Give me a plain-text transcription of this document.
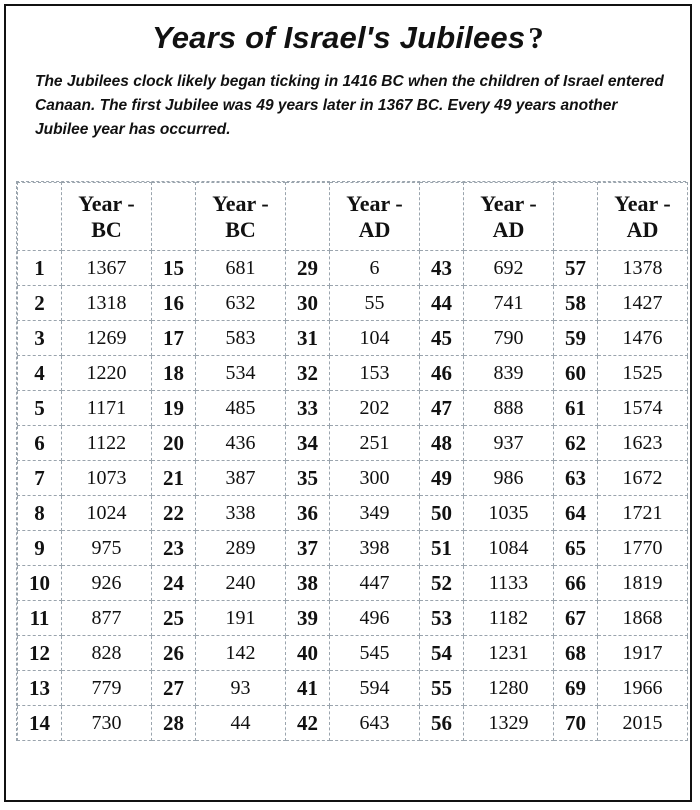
Years of Israel's Jubilees?
The Jubilees clock likely began ticking in 1416 BC when the children of Israel entered Canaan. The first Jubilee was 49 years later in 1367 BC. Every 49 years another Jubilee year has occurred.
	Year - BC		Year - BC		Year - AD		Year - AD		Year - AD
1	1367	15	681	29	6	43	692	57	1378
2	1318	16	632	30	55	44	741	58	1427
3	1269	17	583	31	104	45	790	59	1476
4	1220	18	534	32	153	46	839	60	1525
5	1171	19	485	33	202	47	888	61	1574
6	1122	20	436	34	251	48	937	62	1623
7	1073	21	387	35	300	49	986	63	1672
8	1024	22	338	36	349	50	1035	64	1721
9	975	23	289	37	398	51	1084	65	1770
10	926	24	240	38	447	52	1133	66	1819
11	877	25	191	39	496	53	1182	67	1868
12	828	26	142	40	545	54	1231	68	1917
13	779	27	93	41	594	55	1280	69	1966
14	730	28	44	42	643	56	1329	70	2015
